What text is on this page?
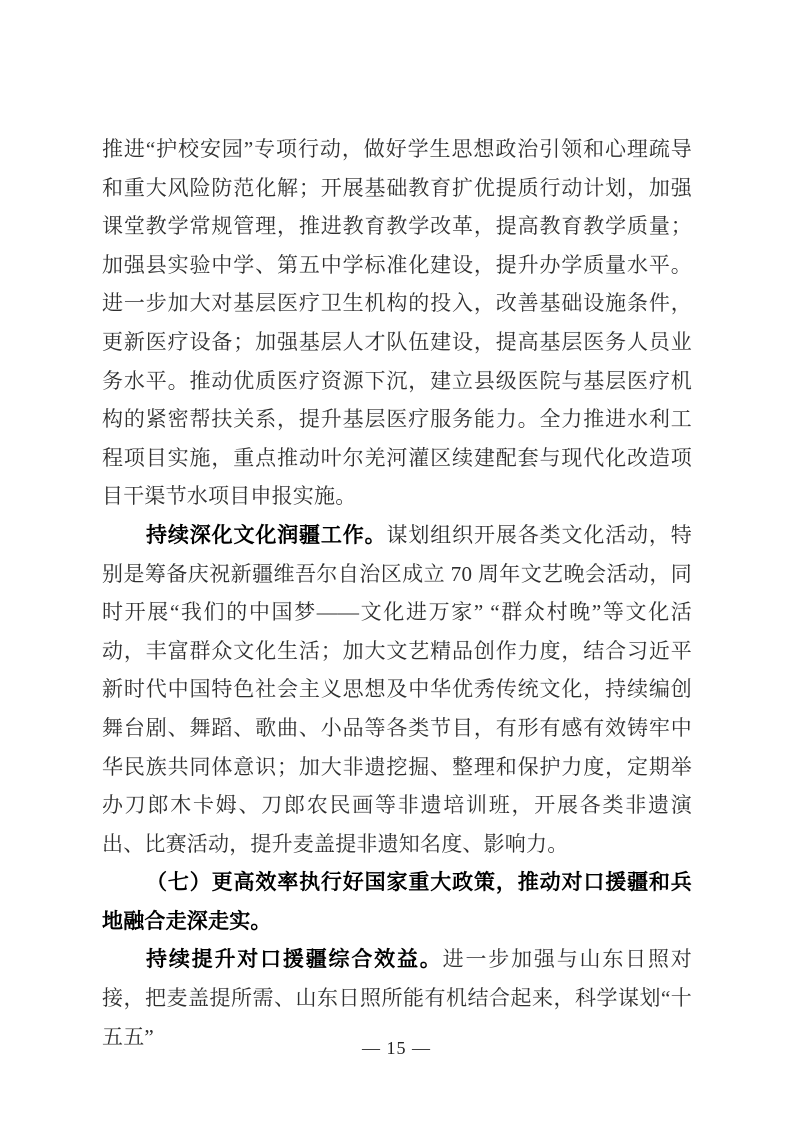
推进“护校安园”专项行动，做好学生思想政治引领和心理疏导和重大风险防范化解；开展基础教育扩优提质行动计划，加强课堂教学常规管理，推进教育教学改革，提高教育教学质量；加强县实验中学、第五中学标准化建设，提升办学质量水平。进一步加大对基层医疗卫生机构的投入，改善基础设施条件，更新医疗设备；加强基层人才队伍建设，提高基层医务人员业务水平。推动优质医疗资源下沉，建立县级医院与基层医疗机构的紧密帮扶关系，提升基层医疗服务能力。全力推进水利工程项目实施，重点推动叶尔羌河灌区续建配套与现代化改造项目干渠节水项目申报实施。

持续深化文化润疆工作。谋划组织开展各类文化活动，特别是筹备庆祝新疆维吾尔自治区成立 70 周年文艺晚会活动，同时开展“我们的中国梦——文化进万家” “群众村晚”等文化活动，丰富群众文化生活；加大文艺精品创作力度，结合习近平新时代中国特色社会主义思想及中华优秀传统文化，持续编创舞台剧、舞蹈、歌曲、小品等各类节目，有形有感有效铸牢中华民族共同体意识；加大非遗挖掘、整理和保护力度，定期举办刀郎木卡姆、刀郎农民画等非遗培训班，开展各类非遗演出、比赛活动，提升麦盖提非遗知名度、影响力。

（七）更高效率执行好国家重大政策，推动对口援疆和兵地融合走深走实。

持续提升对口援疆综合效益。进一步加强与山东日照对接，把麦盖提所需、山东日照所能有机结合起来，科学谋划“十五五”	— 15 —
